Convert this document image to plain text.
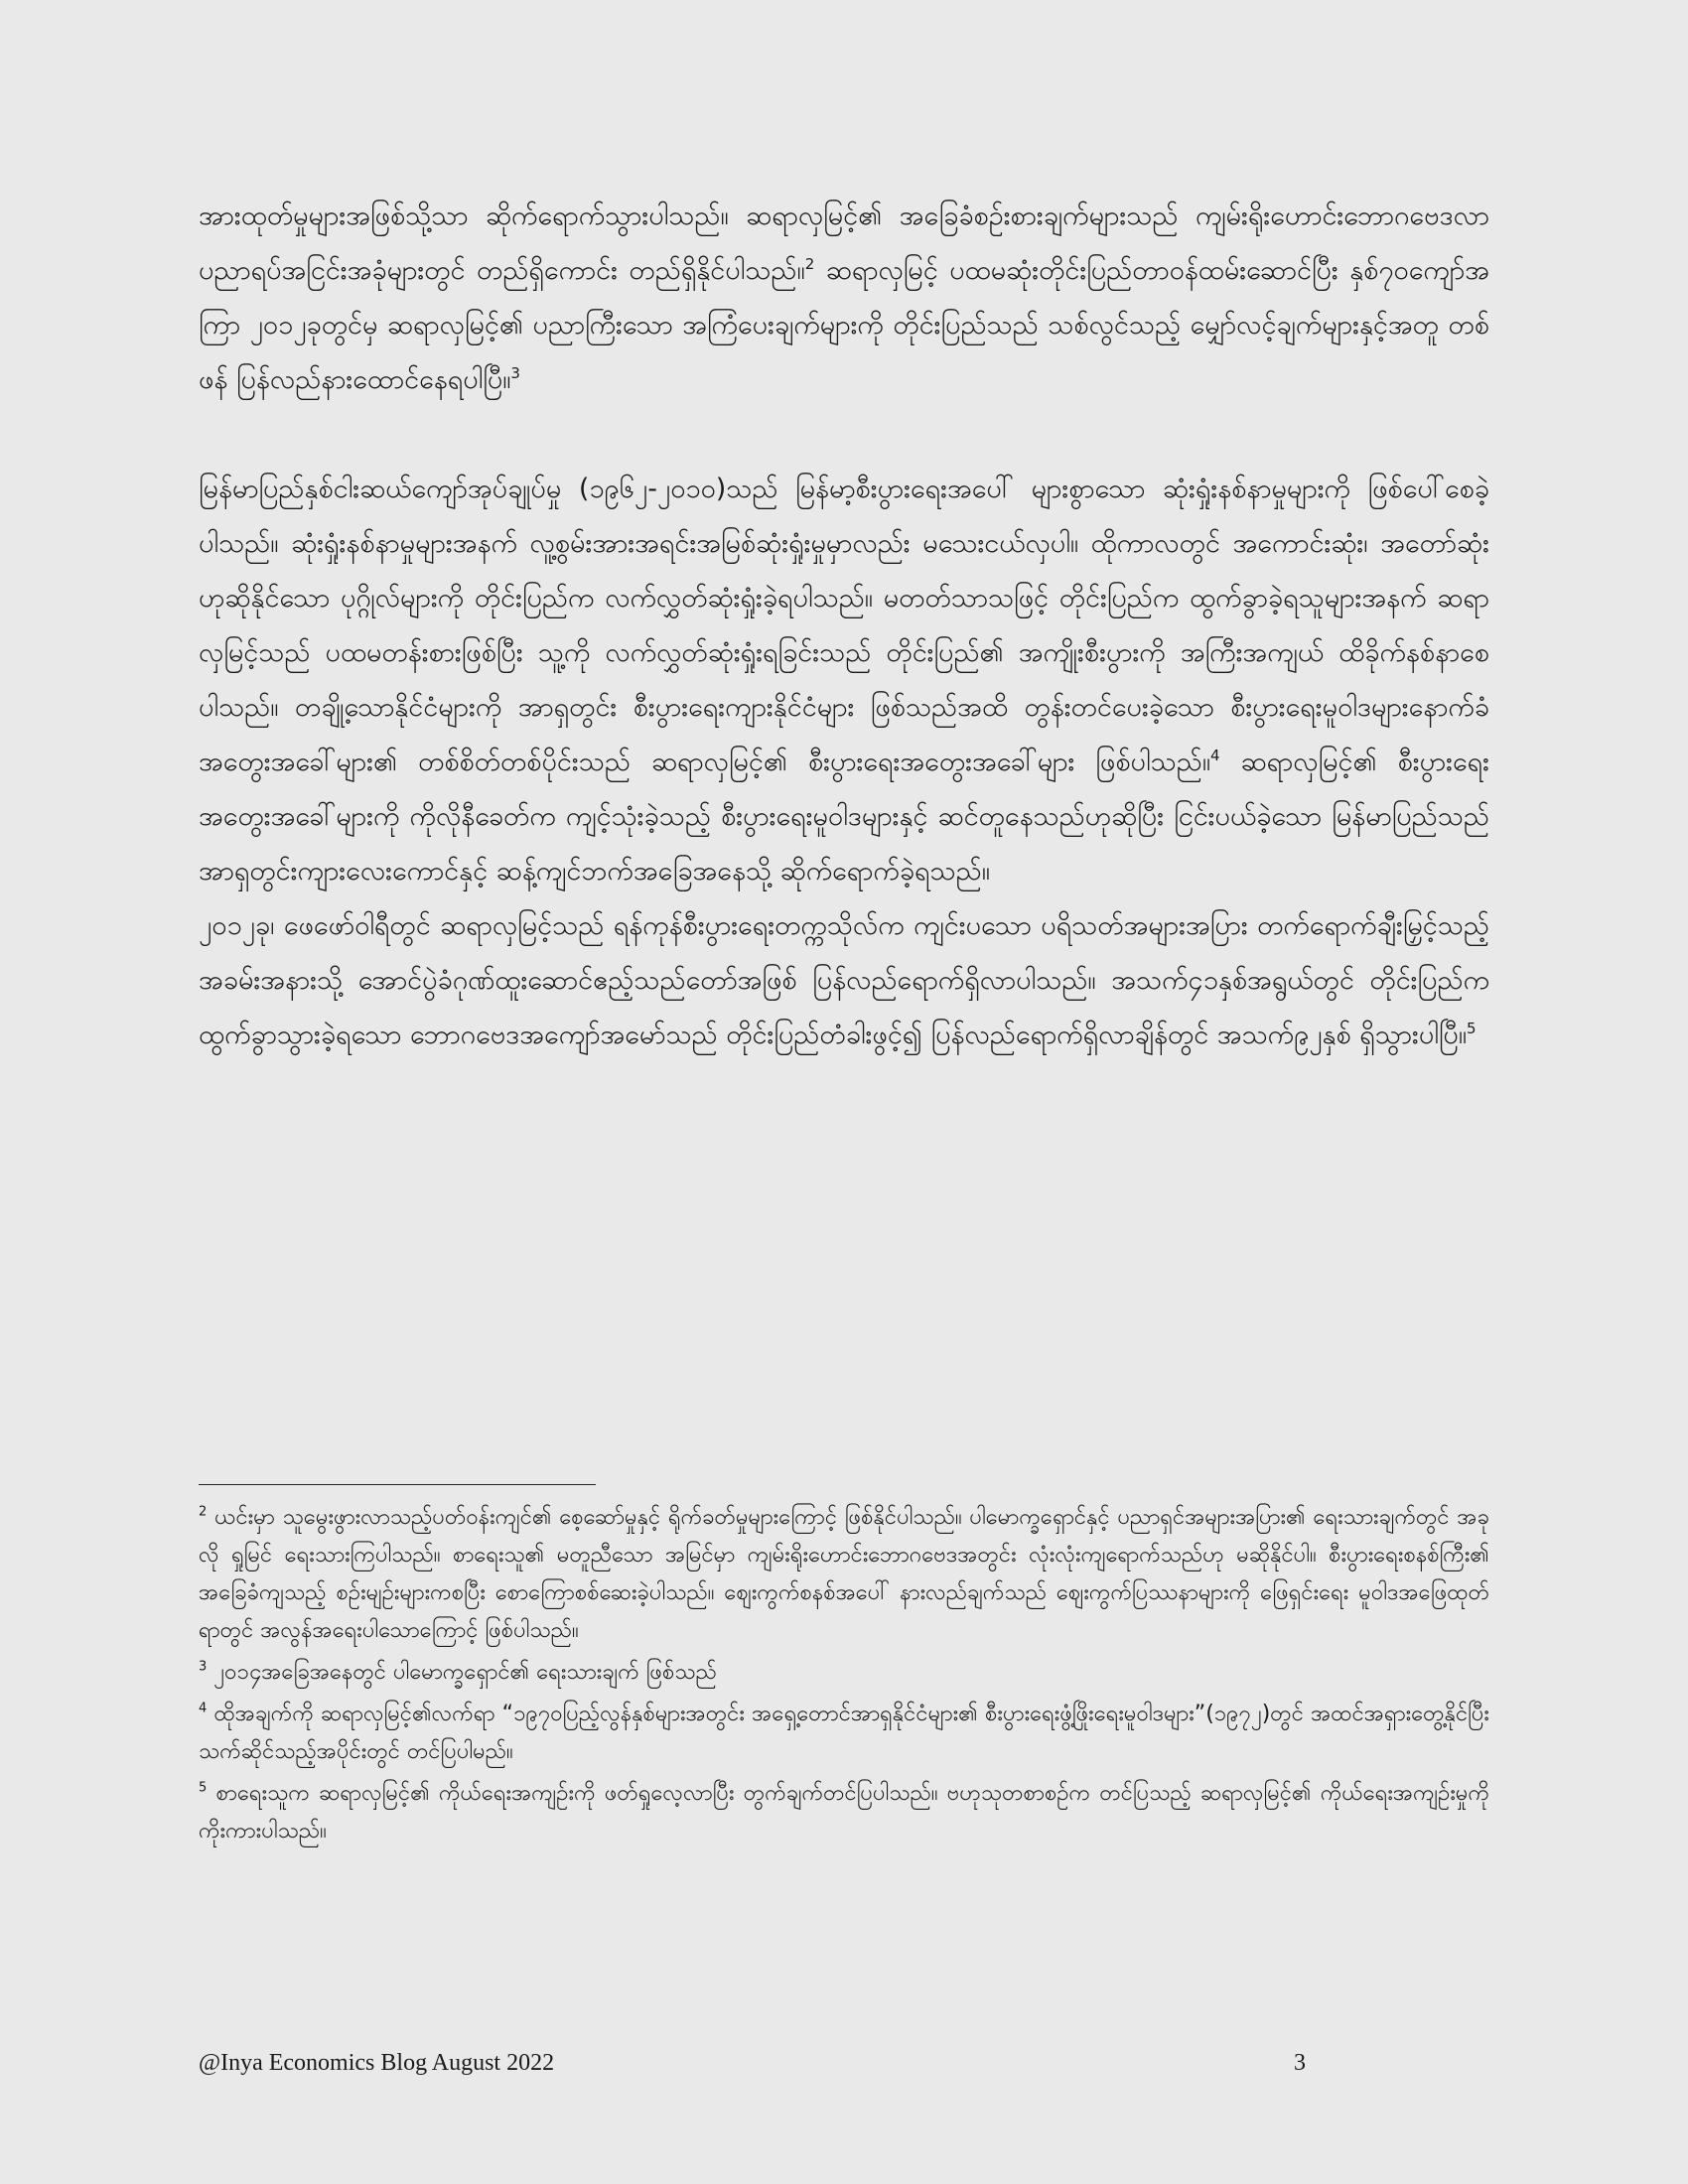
အားထုတ်မှုများအဖြစ်သို့သာ ဆိုက်ရောက်သွားပါသည်။ ဆရာလှမြင့်၏ အခြေခံစဉ်းစားချက်များသည် ကျမ်းရိုးဟောင်းဘောဂဗေဒလာ ပညာရပ်အငြင်းအခုံများတွင် တည်ရှိကောင်း တည်ရှိနိုင်ပါသည်။$^2$ ဆရာလှမြင့် ပထမဆုံးတိုင်းပြည်တာဝန်ထမ်းဆောင်ပြီး နှစ်၇၀ကျော်အကြာ ၂၀၁၂ခုတွင်မှ ဆရာလှမြင့်၏ ပညာကြီးသော အကြံပေးချက်များကို တိုင်းပြည်သည် သစ်လွင်သည့် မျှော်လင့်ချက်များနှင့်အတူ တစ်ဖန် ပြန်လည်နားထောင်နေရပါပြီ။$^3$

မြန်မာပြည်နှစ်ငါးဆယ်ကျော်အုပ်ချုပ်မှု (၁၉၆၂-၂၀၁၀)သည် မြန်မာ့စီးပွားရေးအပေါ် များစွာသော ဆုံးရှုံးနစ်နာမှုများကို ဖြစ်ပေါ်စေခဲ့ပါသည်။ ဆုံးရှုံးနစ်နာမှုများအနက် လူ့စွမ်းအားအရင်းအမြစ်ဆုံးရှုံးမှုမှာလည်း မသေးငယ်လှပါ။ ထိုကာလတွင် အကောင်းဆုံး၊ အတော်ဆုံးဟုဆိုနိုင်သော ပုဂ္ဂိုလ်များကို တိုင်းပြည်က လက်လွှတ်ဆုံးရှုံးခဲ့ရပါသည်။ မတတ်သာသဖြင့် တိုင်းပြည်က ထွက်ခွာခဲ့ရသူများအနက် ဆရာလှမြင့်သည် ပထမတန်းစားဖြစ်ပြီး သူ့ကို လက်လွှတ်ဆုံးရှုံးရခြင်းသည် တိုင်းပြည်၏ အကျိုးစီးပွားကို အကြီးအကျယ် ထိခိုက်နစ်နာစေပါသည်။ တချို့သောနိုင်ငံများကို အာရှတွင်း စီးပွားရေးကျားနိုင်ငံများ ဖြစ်သည်အထိ တွန်းတင်ပေးခဲ့သော စီးပွားရေးမူဝါဒများနောက်ခံအတွေးအခေါ်များ၏ တစ်စိတ်တစ်ပိုင်းသည် ဆရာလှမြင့်၏ စီးပွားရေးအတွေးအခေါ်များ ဖြစ်ပါသည်။$^4$ ဆရာလှမြင့်၏ စီးပွားရေးအတွေးအခေါ်များကို ကိုလိုနီခေတ်က ကျင့်သုံးခဲ့သည့် စီးပွားရေးမူဝါဒများနှင့် ဆင်တူနေသည်ဟုဆိုပြီး ငြင်းပယ်ခဲ့သော မြန်မာပြည်သည် အာရှတွင်းကျားလေးကောင်နှင့် ဆန့်ကျင်ဘက်အခြေအနေသို့ ဆိုက်ရောက်ခဲ့ရသည်။

၂၀၁၂ခု၊ ဖေဖော်ဝါရီတွင် ဆရာလှမြင့်သည် ရန်ကုန်စီးပွားရေးတက္ကသိုလ်က ကျင်းပသော ပရိသတ်အများအပြား တက်ရောက်ချီးမြှင့်သည့် အခမ်းအနားသို့ အောင်ပွဲခံဂုဏ်ထူးဆောင်ဧည့်သည်တော်အဖြစ် ပြန်လည်ရောက်ရှိလာပါသည်။ အသက်၄၁နှစ်အရွယ်တွင် တိုင်းပြည်က ထွက်ခွာသွားခဲ့ရသော ဘောဂဗေဒအကျော်အမော်သည် တိုင်းပြည်တံခါးဖွင့်၍ ပြန်လည်ရောက်ရှိလာချိန်တွင် အသက်၉၂နှစ် ရှိသွားပါပြီ။$^5$

$^2$ ယင်းမှာ သူမွေးဖွားလာသည့်ပတ်ဝန်းကျင်၏ စေ့ဆော်မှုနှင့် ရိုက်ခတ်မှုများကြောင့် ဖြစ်နိုင်ပါသည်။ ပါမောက္ခရှောင်နှင့် ပညာရှင်အများအပြား၏ ရေးသားချက်တွင် အခုလို ရှုမြင် ရေးသားကြပါသည်။ စာရေးသူ၏ မတူညီသော အမြင်မှာ ကျမ်းရိုးဟောင်းဘောဂဗေဒအတွင်း လုံးလုံးကျရောက်သည်ဟု မဆိုနိုင်ပါ။ စီးပွားရေးစနစ်ကြီး၏ အခြေခံကျသည့် စဉ်းမျဉ်းများကစပြီး စောကြောစစ်ဆေးခဲ့ပါသည်။ ဈေးကွက်စနစ်အပေါ် နားလည်ချက်သည် ဈေးကွက်ပြဿနာများကို ဖြေရှင်းရေး မူဝါဒအဖြေထုတ်ရာတွင် အလွန်အရေးပါသောကြောင့် ဖြစ်ပါသည်။

$^3$ ၂၀၁၄အခြေအနေတွင် ပါမောက္ခရှောင်၏ ရေးသားချက် ဖြစ်သည်

$^4$ ထိုအချက်ကို ဆရာလှမြင့်၏လက်ရာ “၁၉၇၀ပြည့်လွန်နှစ်များအတွင်း အရှေ့တောင်အာရှနိုင်ငံများ၏ စီးပွားရေးဖွံ့ဖြိုးရေးမူဝါဒများ”(၁၉၇၂)တွင် အထင်အရှားတွေ့နိုင်ပြီး သက်ဆိုင်သည့်အပိုင်းတွင် တင်ပြပါမည်။

$^5$ စာရေးသူက ဆရာလှမြင့်၏ ကိုယ်ရေးအကျဉ်းကို ဖတ်ရှုလေ့လာပြီး တွက်ချက်တင်ပြပါသည်။ ဗဟုသုတစာစဉ်က တင်ပြသည့် ဆရာလှမြင့်၏ ကိုယ်ရေးအကျဉ်းမှုကို ကိုးကားပါသည်။

@Inya Economics Blog August 2022	3
